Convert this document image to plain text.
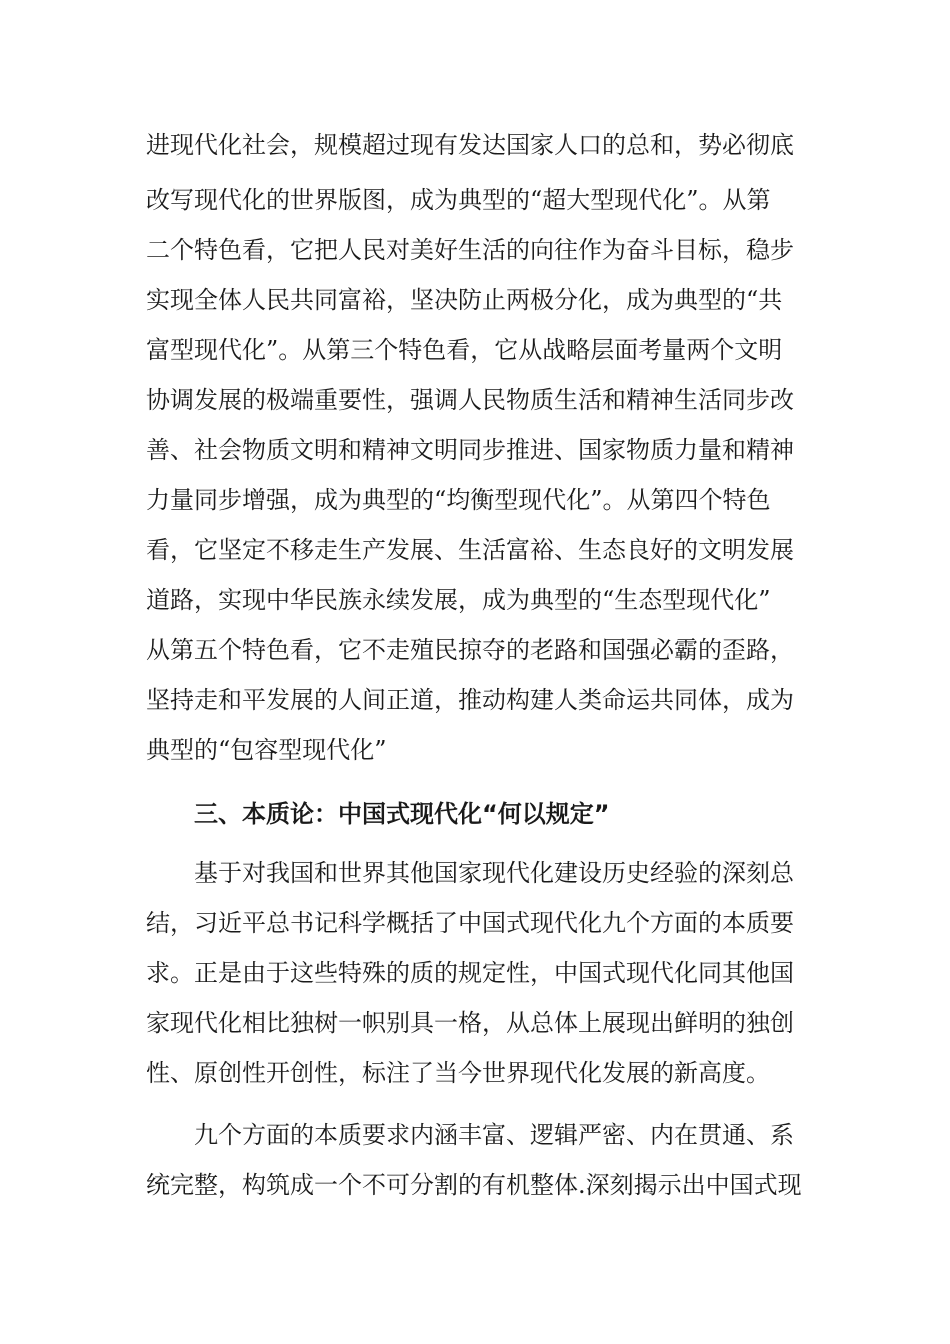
进现代化社会，规模超过现有发达国家人口的总和，势必彻底

改写现代化的世界版图，成为典型的“超大型现代化”。从第

二个特色看，它把人民对美好生活的向往作为奋斗目标，稳步

实现全体人民共同富裕，坚决防止两极分化，成为典型的“共

富型现代化”。从第三个特色看，它从战略层面考量两个文明

协调发展的极端重要性，强调人民物质生活和精神生活同步改

善、社会物质文明和精神文明同步推进、国家物质力量和精神

力量同步增强，成为典型的“均衡型现代化”。从第四个特色

看，它坚定不移走生产发展、生活富裕、生态良好的文明发展

道路，实现中华民族永续发展，成为典型的“生态型现代化”

从第五个特色看，它不走殖民掠夺的老路和国强必霸的歪路，

坚持走和平发展的人间正道，推动构建人类命运共同体，成为

典型的“包容型现代化”

三、本质论：中国式现代化“何以规定”

基于对我国和世界其他国家现代化建设历史经验的深刻总

结，习近平总书记科学概括了中国式现代化九个方面的本质要

求。正是由于这些特殊的质的规定性，中国式现代化同其他国

家现代化相比独树一帜别具一格，从总体上展现出鲜明的独创

性、原创性开创性，标注了当今世界现代化发展的新高度。

九个方面的本质要求内涵丰富、逻辑严密、内在贯通、系

统完整，构筑成一个不可分割的有机整体.深刻揭示出中国式现
